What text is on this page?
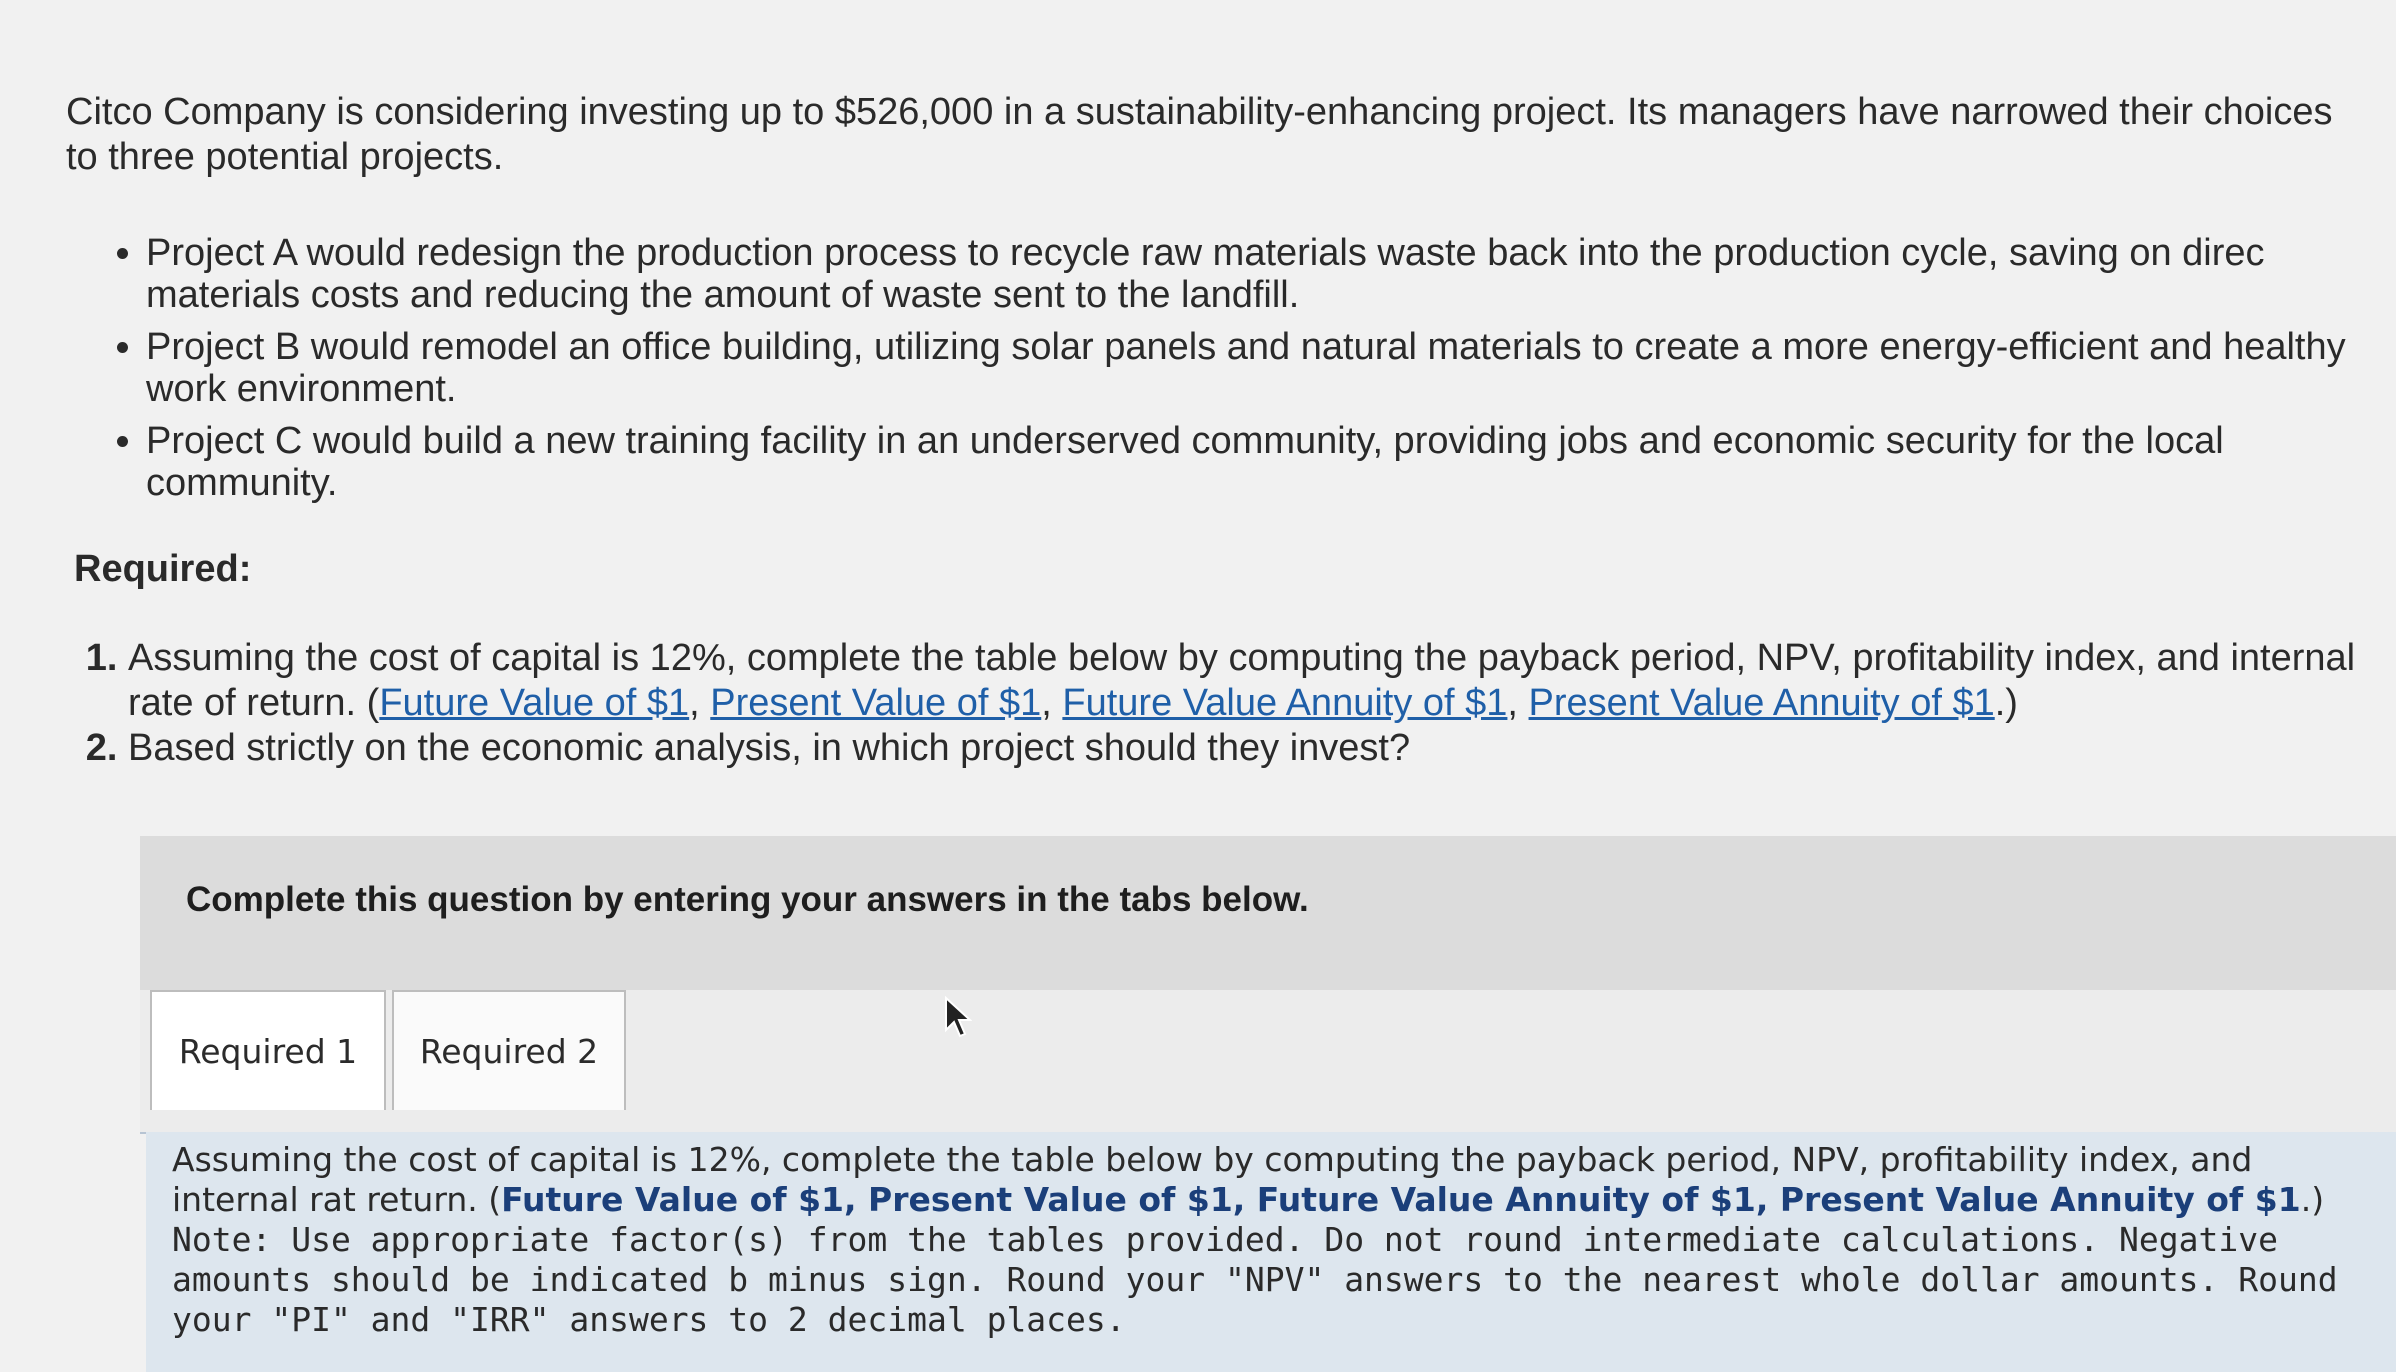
Citco Company is considering investing up to $526,000 in a sustainability-enhancing project. Its managers have narrowed their choices to three potential projects.
• Project A would redesign the production process to recycle raw materials waste back into the production cycle, saving on direc materials costs and reducing the amount of waste sent to the landfill.
• Project B would remodel an office building, utilizing solar panels and natural materials to create a more energy-efficient and healthy work environment.
• Project C would build a new training facility in an underserved community, providing jobs and economic security for the local community.
Required:
1. Assuming the cost of capital is 12%, complete the table below by computing the payback period, NPV, profitability index, and internal rate of return. (Future Value of $1, Present Value of $1, Future Value Annuity of $1, Present Value Annuity of $1.)
2. Based strictly on the economic analysis, in which project should they invest?
Complete this question by entering your answers in the tabs below.
Required 1	Required 2
Assuming the cost of capital is 12%, complete the table below by computing the payback period, NPV, profitability index, and internal rat return. (Future Value of $1, Present Value of $1, Future Value Annuity of $1, Present Value Annuity of $1.)
Note: Use appropriate factor(s) from the tables provided. Do not round intermediate calculations. Negative amounts should be indicated b minus sign. Round your "NPV" answers to the nearest whole dollar amounts. Round your "PI" and "IRR" answers to 2 decimal places.
